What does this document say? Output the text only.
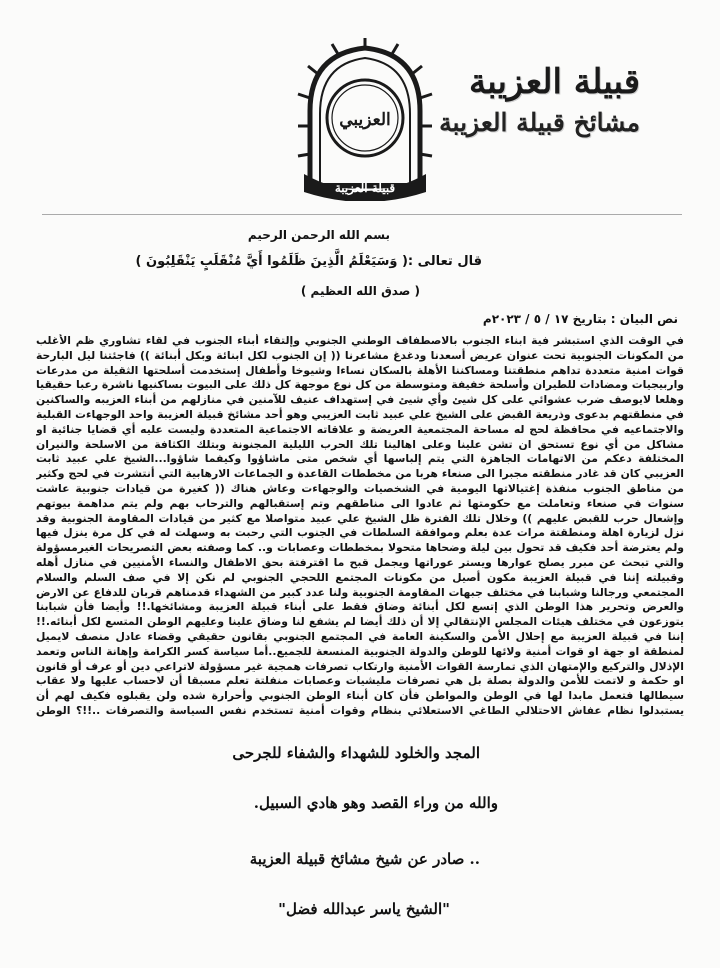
قبيلة العزيبة
مشائخ قبيلة العزيبة
العزيبي
قبيلة العزيبة
بسم الله الرحمن الرحيم
قال تعالى :( وَسَيَعْلَمُ الَّذِينَ ظَلَمُوا أَيَّ مُنْقَلَبٍ يَنْقَلِبُونَ )
( صدق الله العظيم )
نص البيان : بتاريخ ١٧ / ٥ / ٢٠٢٣م
في الوقت الذي استبشر فية ابناء الجنوب بالاصطفاف الوطني الجنوبي وإلتقاء أبناء الجنوب في لقاء تشاوري ظم الأغلب من المكونات الجنوبية تحت عنوان عريض أسعدنا ودغدغ مشاعرنا (( إن الجنوب لكل ابنائة وبكل أبنائة )) فاجئتنا ليل البارحة قوات امنية متعددة تداهم منطقتنا ومساكننا الأهلة بالسكان نساءا وشيوخا وأطفال إستخدمت أسلحتها الثقيلة من مدرعات واربيجيات ومضادات للطيران وأسلحة خفيفة ومتوسطة من كل نوع موجهة كل ذلك على البيوت بساكنيها ناشرة رعبا حقيقيا وهلعا لايوصف ضرب عشوائي على كل شيئ وأي شيئ في إستهداف عنيف للآمنين في منازلهم من أبناء العزيبه والساكنين في منطقتهم بدعوى وذريعة القبض على الشيخ علي عبيد ثابت العزيبي وهو أحد مشائخ قبيلة العزيبة واحد الوجهاءت القبلية والاجتماعيه في محافظة لحج له مساحة المجتمعية العريضة و علاقاته الاجتماعية المتعددة وليست عليه أي قضايا جنائية او مشاكل من أي نوع تستحق ان تشن علينا وعلى اهالينا تلك الحرب الليلية المجنونة وبتلك الكثافة من الاسلحة والنيران المختلفة دعكم من الاتهامات الجاهزة التي يتم إلباسها أي شخص متى ماشاؤوا وكيفما شاؤوا...الشيخ علي عبيد ثابت العزيبي كان قد غادر منطقته مجبرا الى صنعاء هربا من مخططات القاعدة و الجماعات الارهابية التي أنتشرت في لحج وكثير من مناطق الجنوب منفذة إغتيالاتها اليومية في الشخصيات والوجهاءت وعاش هناك (( كغيرة من قيادات جنوبية عاشت سنوات في صنعاء وتعاملت مع حكومتها ثم عادوا الى مناطقهم وتم إستقبالهم والترحاب بهم ولم يتم مداهمة بيوتهم وإشعال حرب للقبض عليهم )) وخلال تلك الفترة ظل الشيخ علي عبيد متواصلا مع كثير من قيادات المقاومة الجنوبية وقد نزل لزيارة اهلة ومنطقتة مرات عدة بعلم وموافقة السلطات في الجنوب التي رحبت به وسهلت له في كل مرة ينزل فيها ولم يعترضة أحد فكيف قد تحول بين ليلة وضحاها متحولا بمخططات وعصابات و.. كما وصفته بعض التصريحات الغيرمسؤولة والتي تبحث عن مبرر يصلح عوارها ويستر عوراتها ويجمل قبح ما اقترفتة بحق الاطفال والنساء الأمنيين في منازل أهله وقبيلته إننا في قبيلة العزيبة مكون أصيل من مكونات المجتمع اللحجي الجنوبي لم نكن إلا في صف السلم والسلام المجتمعي ورجالنا وشبابنا في مختلف جبهات المقاومة الجنوبية ولنا عدد كبير من الشهداء قدمناهم قربان للدفاع عن الارض والعرض وتحرير هذا الوطن الذي إتسع لكل أبنائة وضاق فقط على أبناء قبيلة العزيبة ومشائخها.!! وأيضا فأن شبابنا يتوزعون في مختلف هيئات المجلس الإنتقالي إلا أن ذلك أيضا لم يشفع لنا وضاق علينا وعليهم الوطن المتسع لكل أبنائه.!! إننا في قبيلة العزيبة مع إحلال الأمن والسكينة العامة في المجتمع الجنوبي بقانون حقيقي وقضاء عادل منصف لايميل لمنطقة او جهة او قوات أمنية ولائها للوطن والدولة الجنوبية المنسعة للجميع..أما سياسة كسر الكرامة وإهانة الناس وتعمد الإذلال والتركيع والإمتهان الذي تمارسة القوات الأمنية وارتكاب تصرفات همجية غير مسؤولة لاتراعي دين أو عرف أو قانون او حكمة و لاتمت للأمن والدولة بصلة بل هي تصرفات مليشيات وعصابات منفلتة تعلم مسبقا أن لاحساب عليها ولا عقاب سيطالها فتعمل مابدا لها في الوطن والمواطن فأن كان أبناء الوطن الجنوبي وأحرارة شده ولن يقبلوه فكيف لهم أن يستبدلوا نظام عفاش الاحتلالي الطاغي الاستعلائي بنظام وقوات أمنية تستخدم نفس السياسة والتصرفات ..!!؟ الوطن
المجد والخلود للشهداء والشفاء للجرحى
والله من وراء القصد وهو هادي السبيل.
.. صادر عن شيخ مشائخ قبيلة العزيبة
"الشيخ ياسر عبدالله فضل"
